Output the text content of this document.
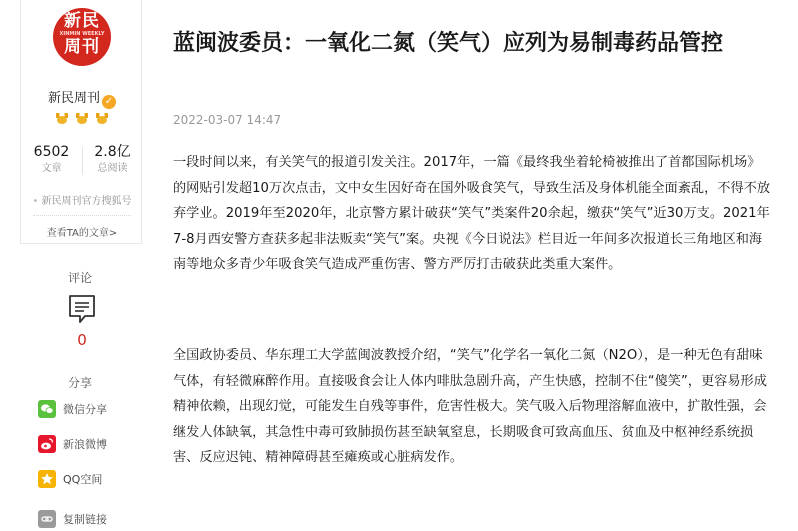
新民
XINMIN WEEKLY
周刊
新民周刊 ✓
6502
文章
2.8亿
总阅读
• 新民周刊官方搜狐号
查看TA的文章>
评论
0
分享
微信分享
新浪微博
QQ空间
复制链接
蓝闽波委员：一氧化二氮（笑气）应列为易制毒药品管控
2022-03-07 14:47

一段时间以来，有关笑气的报道引发关注。2017年，一篇《最终我坐着轮椅被推出了首都国际机场》的网贴引发超10万次点击，文中女生因好奇在国外吸食笑气，导致生活及身体机能全面紊乱，不得不放弃学业。2019年至2020年，北京警方累计破获“笑气”类案件20余起，缴获“笑气”近30万支。2021年7-8月西安警方查获多起非法贩卖“笑气”案。央视《今日说法》栏目近一年间多次报道长三角地区和海南等地众多青少年吸食笑气造成严重伤害、警方严厉打击破获此类重大案件。

全国政协委员、华东理工大学蓝闽波教授介绍，“笑气”化学名一氧化二氮（N2O），是一种无色有甜味气体，有轻微麻醉作用。直接吸食会让人体内啡肽急剧升高，产生快感，控制不住“傻笑”，更容易形成精神依赖，出现幻觉，可能发生自残等事件，危害性极大。笑气吸入后物理溶解血液中，扩散性强，会继发人体缺氧，其急性中毒可致肺损伤甚至缺氧窒息，长期吸食可致高血压、贫血及中枢神经系统损害、反应迟钝、精神障碍甚至瘫痪或心脏病发作。
